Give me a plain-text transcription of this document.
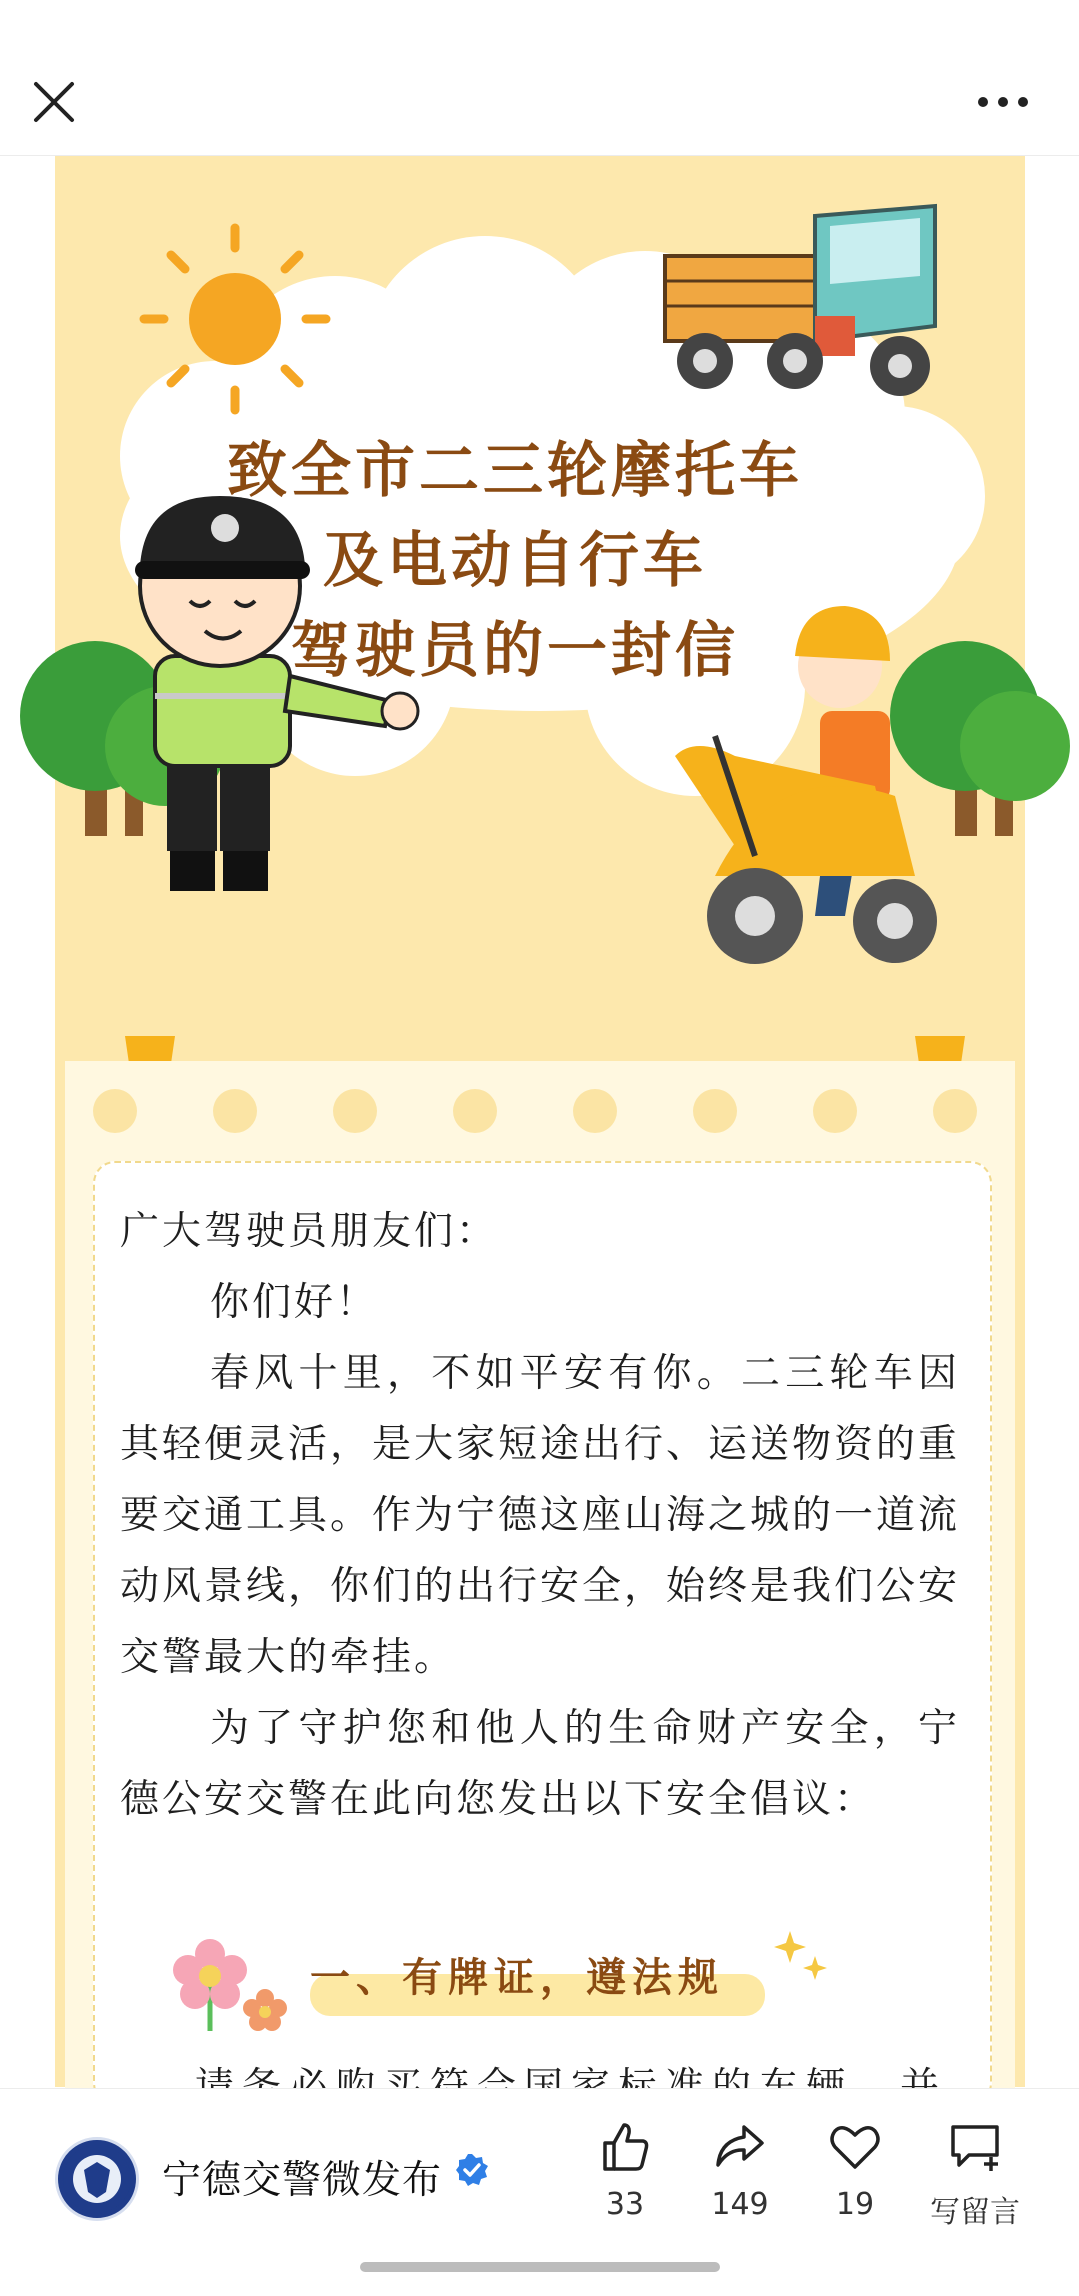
致全市二三轮摩托车
及电动自行车
驾驶员的一封信
一、有牌证，遵法规

广大驾驶员朋友们：

你们好！

春风十里，不如平安有你。二三轮车因其轻便灵活，是大家短途出行、运送物资的重要交通工具。作为宁德这座山海之城的一道流动风景线，你们的出行安全，始终是我们公安交警最大的牵挂。

为了守护您和他人的生命财产安全，宁德公安交警在此向您发出以下安全倡议：

宁德交警微发布
33	149	19	写留言
